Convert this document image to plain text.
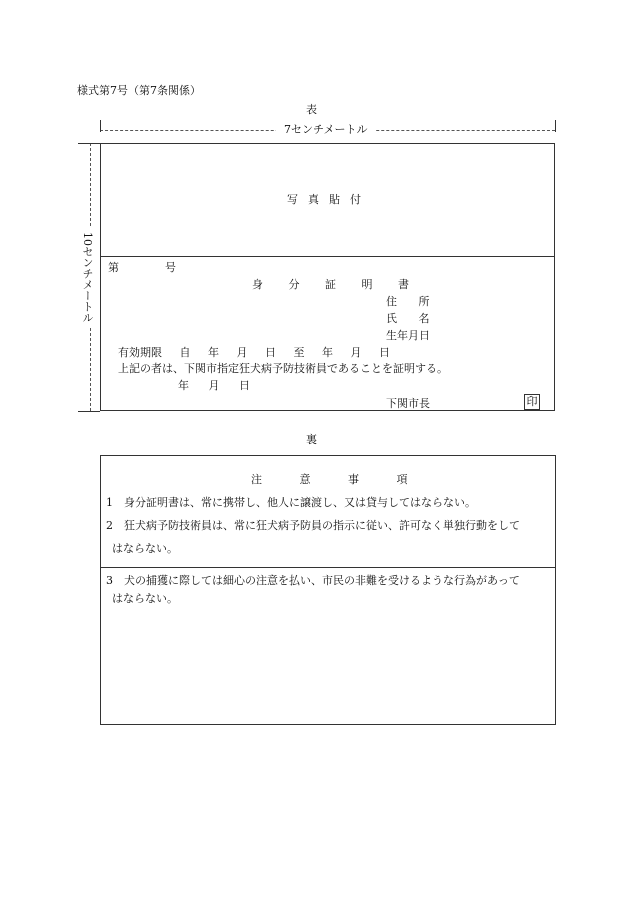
様式第7号（第7条関係）
表
7センチメートル
10センチメートル
写真貼付
第	号
身 分 証 明 書
住 所
氏 名
生年月日
有効期限 自 年 月 日 至 年 月 日
上記の者は、下関市指定狂犬病予防技術員であることを証明する。
年 月 日
下関市長	印
裏
注 意 事 項
1　身分証明書は、常に携帯し、他人に譲渡し、又は貸与してはならない。
2　狂犬病予防技術員は、常に狂犬病予防員の指示に従い、許可なく単独行動をして
はならない。
3　犬の捕獲に際しては細心の注意を払い、市民の非難を受けるような行為があって
はならない。
